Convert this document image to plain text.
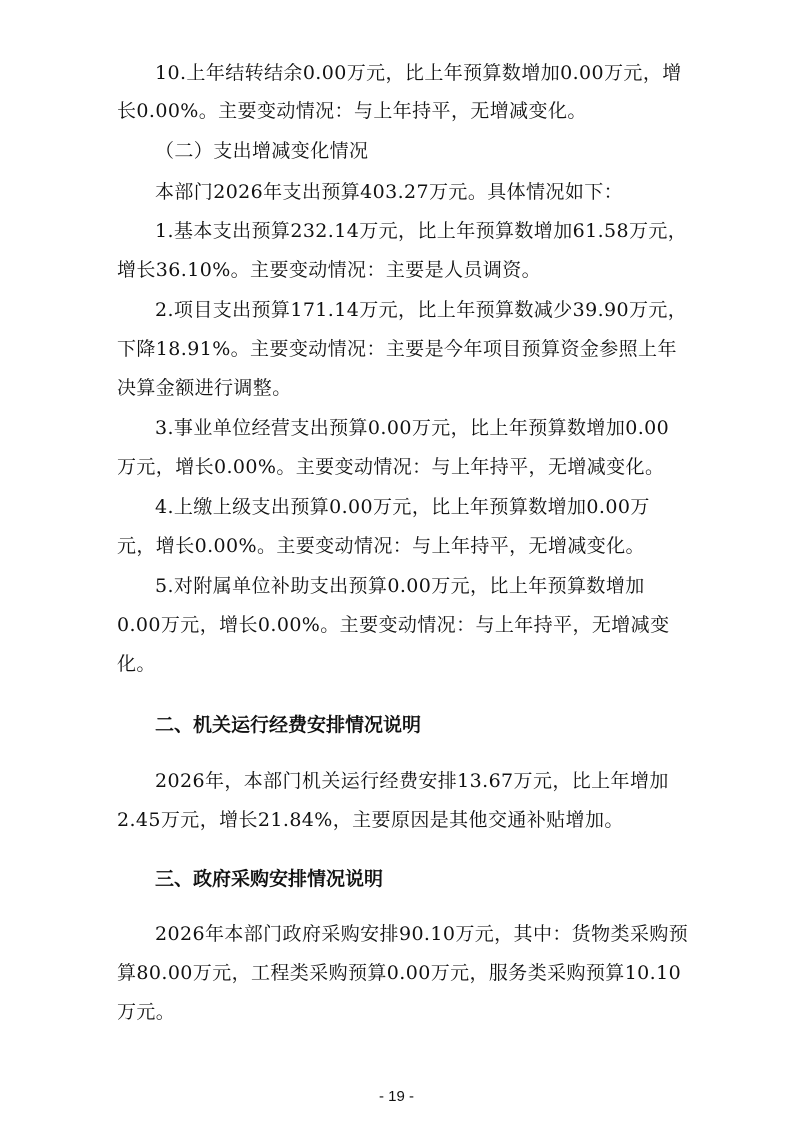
10.上年结转结余0.00万元，比上年预算数增加0.00万元，增
长0.00%。主要变动情况：与上年持平，无增减变化。
（二）支出增减变化情况
本部门2026年支出预算403.27万元。具体情况如下：
1.基本支出预算232.14万元，比上年预算数增加61.58万元，
增长36.10%。主要变动情况：主要是人员调资。
2.项目支出预算171.14万元，比上年预算数减少39.90万元，
下降18.91%。主要变动情况：主要是今年项目预算资金参照上年
决算金额进行调整。
3.事业单位经营支出预算0.00万元，比上年预算数增加0.00
万元，增长0.00%。主要变动情况：与上年持平，无增减变化。
4.上缴上级支出预算0.00万元，比上年预算数增加0.00万
元，增长0.00%。主要变动情况：与上年持平，无增减变化。
5.对附属单位补助支出预算0.00万元，比上年预算数增加
0.00万元，增长0.00%。主要变动情况：与上年持平，无增减变
化。
二、机关运行经费安排情况说明
2026年，本部门机关运行经费安排13.67万元，比上年增加
2.45万元，增长21.84%，主要原因是其他交通补贴增加。
三、政府采购安排情况说明
2026年本部门政府采购安排90.10万元，其中：货物类采购预
算80.00万元，工程类采购预算0.00万元，服务类采购预算10.10
万元。
- 19 -
